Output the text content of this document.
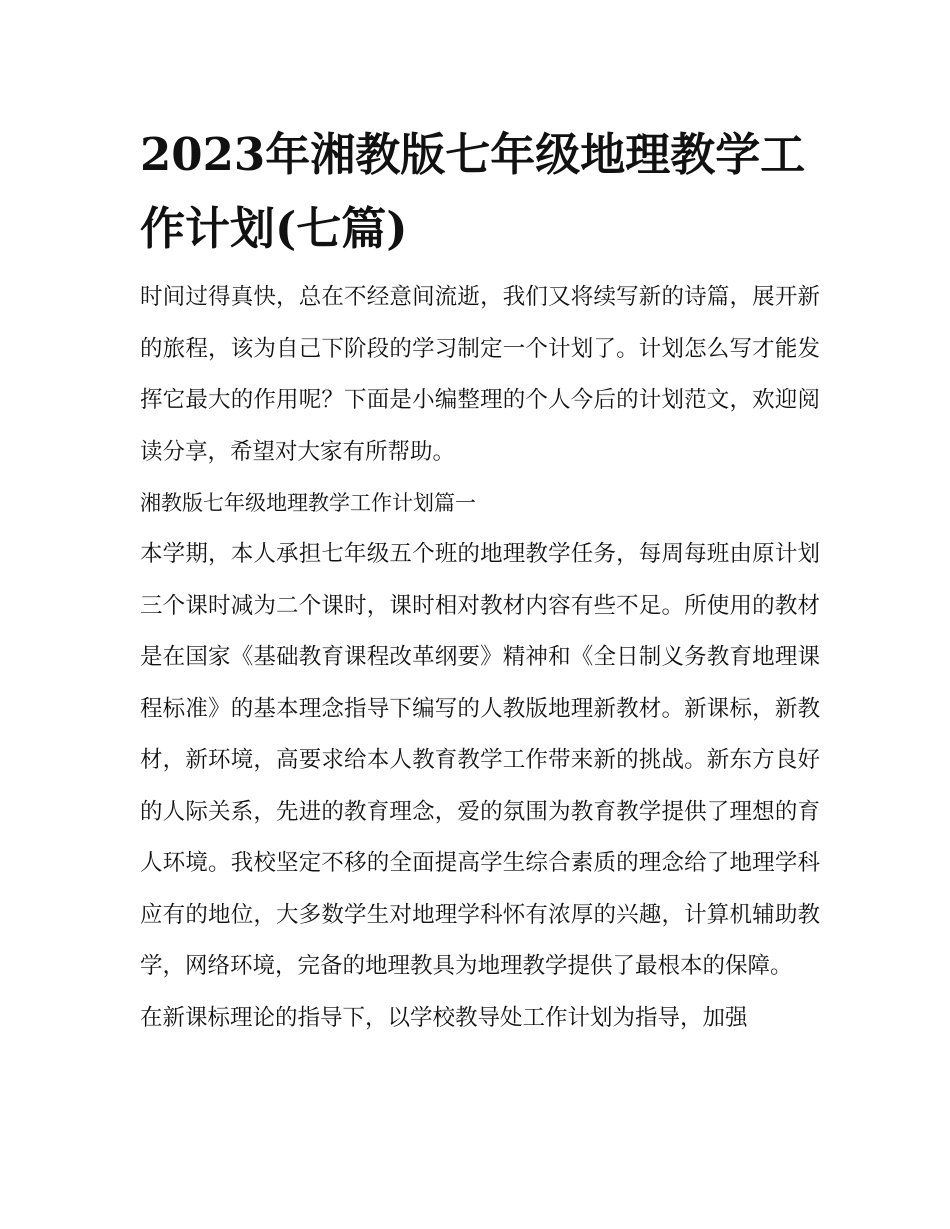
2023年湘教版七年级地理教学工作计划(七篇)

时间过得真快，总在不经意间流逝，我们又将续写新的诗篇，展开新的旅程，该为自己下阶段的学习制定一个计划了。计划怎么写才能发挥它最大的作用呢？下面是小编整理的个人今后的计划范文，欢迎阅读分享，希望对大家有所帮助。

湘教版七年级地理教学工作计划篇一

本学期，本人承担七年级五个班的地理教学任务，每周每班由原计划三个课时减为二个课时，课时相对教材内容有些不足。所使用的教材是在国家《基础教育课程改革纲要》精神和《全日制义务教育地理课程标准》的基本理念指导下编写的人教版地理新教材。新课标，新教材，新环境，高要求给本人教育教学工作带来新的挑战。新东方良好的人际关系，先进的教育理念，爱的氛围为教育教学提供了理想的育人环境。我校坚定不移的全面提高学生综合素质的理念给了地理学科应有的地位，大多数学生对地理学科怀有浓厚的兴趣，计算机辅助教学，网络环境，完备的地理教具为地理教学提供了最根本的保障。

在新课标理论的指导下，以学校教导处工作计划为指导，加强
